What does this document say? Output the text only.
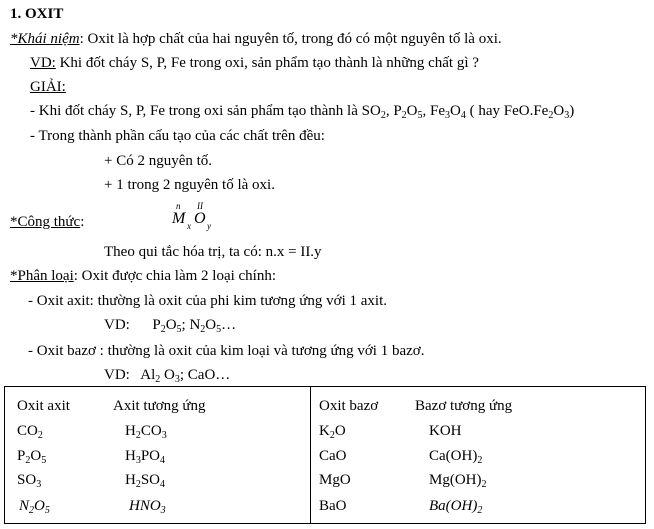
1. OXIT
*Khái niệm: Oxit là hợp chất của hai nguyên tố, trong đó có một nguyên tố là oxi.
VD: Khi đốt cháy S, P, Fe trong oxi, sản phẩm tạo thành là những chất gì ?
GIẢI:
- Khi đốt cháy S, P, Fe trong oxi sản phẩm tạo thành là $SO_2$, $P_2O_5$, $Fe_3O_4$ ( hay $FeO.Fe_2O_3$)
- Trong thành phần cấu tạo của các chất trên đều:
+ Có 2 nguyên tố.
+ 1 trong 2 nguyên tố là oxi.
*Công thức:
n
M x
II
O y
Theo qui tắc hóa trị, ta có: n.x = II.y
*Phân loại: Oxit được chia làm 2 loại chính:
- Oxit axit: thường là oxit của phi kim tương ứng với 1 axit.
VD:      $P_2O_5$; $N_2O_5\dots$
- Oxit bazơ : thường là oxit của kim loại và tương ứng với 1 bazơ.
VD:   $Al_2$ $O_3$; CaO…
Oxit axit	Axit tương ứng
$CO_2$	$H_2CO_3$
$P_2O_5$	$H_3PO_4$
$SO_3$	$H_2SO_4$
$N_2O_5$	$HNO_3$

Oxit bazơ Bazơ tương ứng
$K_2O$	KOH
CaO	$Ca(OH)_2$
MgO	$Mg(OH)_2$
BaO	$Ba(OH)_2$
